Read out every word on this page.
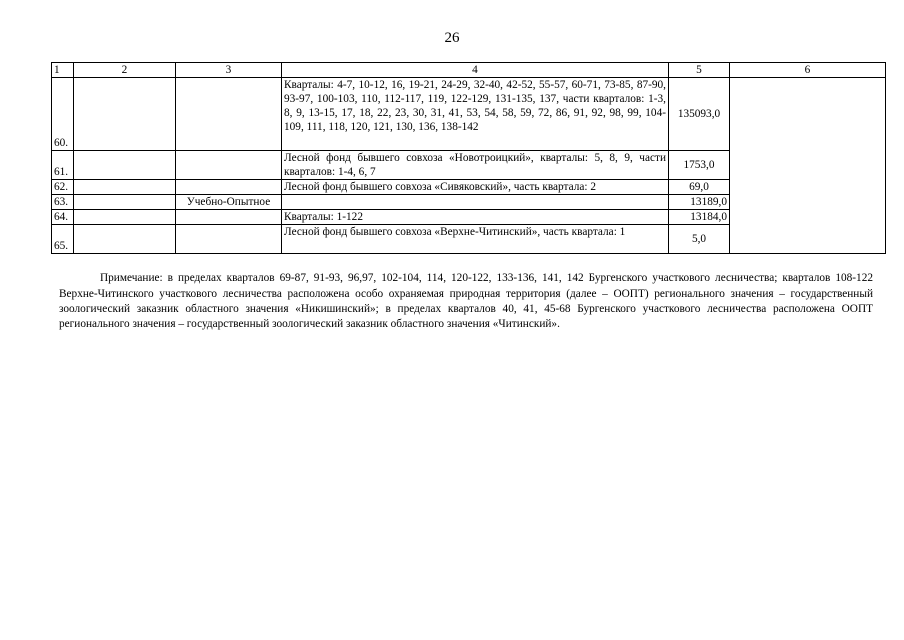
26
1	2	3	4	5	6
60.			Кварталы: 4-7, 10-12, 16, 19-21, 24-29, 32-40, 42-52, 55-57, 60-71, 73-85, 87-90, 93-97, 100-103, 110, 112-117, 119, 122-129, 131-135, 137, части кварталов: 1-3, 8, 9, 13-15, 17, 18, 22, 23, 30, 31, 41, 53, 54, 58, 59, 72, 86, 91, 92, 98, 99, 104-109, 111, 118, 120, 121, 130, 136, 138-142	135093,0	
61.			Лесной фонд бывшего совхоза «Новотроицкий», кварталы: 5, 8, 9, части кварталов: 1-4, 6, 7	1753,0	
62.			Лесной фонд бывшего совхоза «Сивяковский», часть квартала: 2	69,0	
63.		Учебно-Опытное		13189,0	
64.			Кварталы: 1-122	13184,0	
65.			Лесной фонд бывшего совхоза «Верхне-Читинский», часть квартала: 1	5,0	

Примечание: в пределах кварталов 69-87, 91-93, 96,97, 102-104, 114, 120-122, 133-136, 141, 142 Бургенского участкового лесничества; кварталов 108-122 Верхне-Читинского участкового лесничества расположена особо охраняемая природная территория (далее – ООПТ) регионального значения – государственный зоологический заказник областного значения «Никишинский»; в пределах кварталов 40, 41, 45-68 Бургенского участкового лесничества расположена ООПТ регионального значения – государственный зоологический заказник областного значения «Читинский».
